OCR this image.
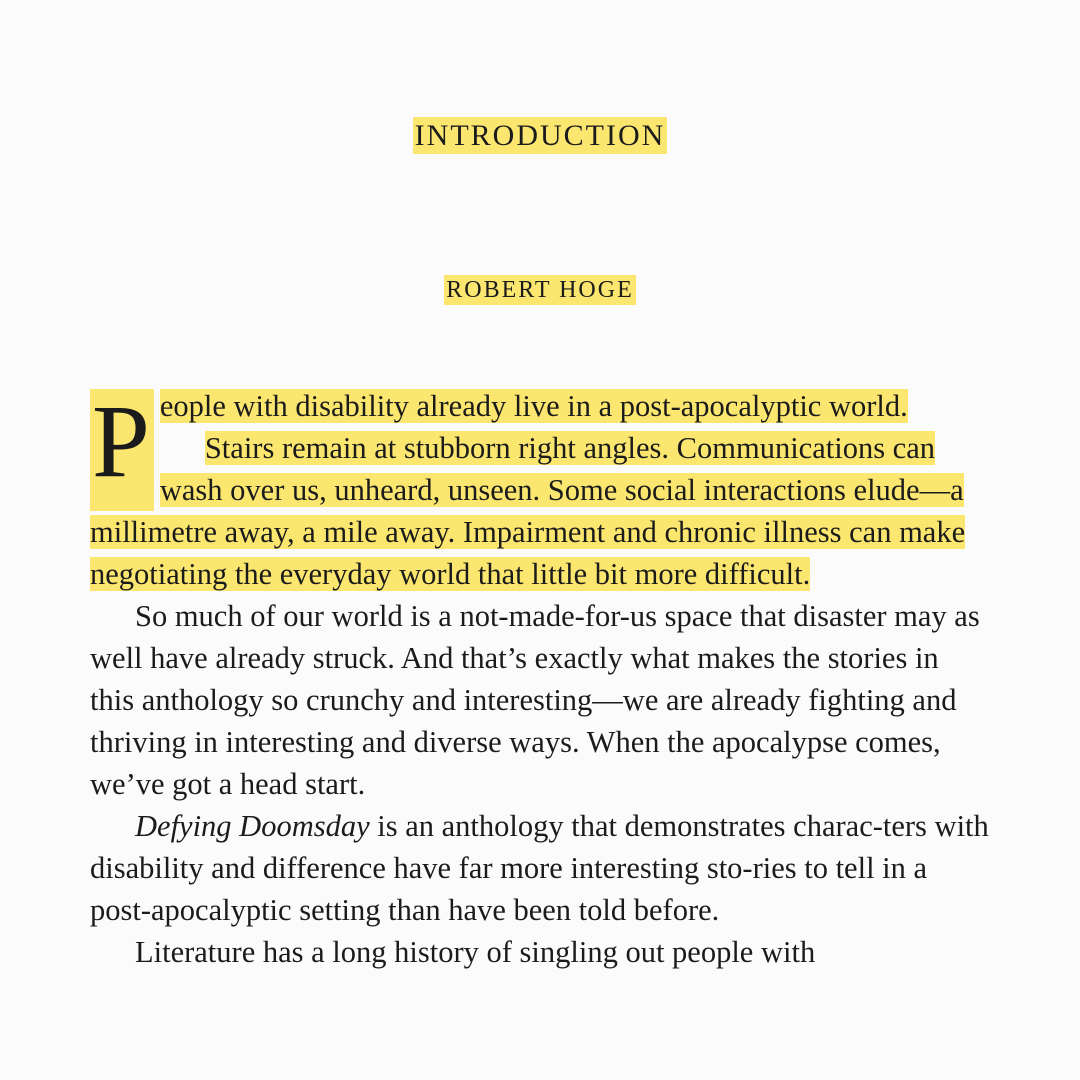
INTRODUCTION
ROBERT HOGE

P eople with disability already live in a post-apocalyptic world.

Stairs remain at stubborn right angles. Communications can wash over us, unheard, unseen. Some social interactions elude—a millimetre away, a mile away. Impairment and chronic illness can make negotiating the everyday world that little bit more difficult.

So much of our world is a not-made-for-us space that disaster may as well have already struck. And that’s exactly what makes the stories in this anthology so crunchy and interesting—we are already fighting and thriving in interesting and diverse ways. When the apocalypse comes, we’ve got a head start.

Defying Doomsday is an anthology that demonstrates charac-ters with disability and difference have far more interesting sto-ries to tell in a post-apocalyptic setting than have been told before.

Literature has a long history of singling out people with
